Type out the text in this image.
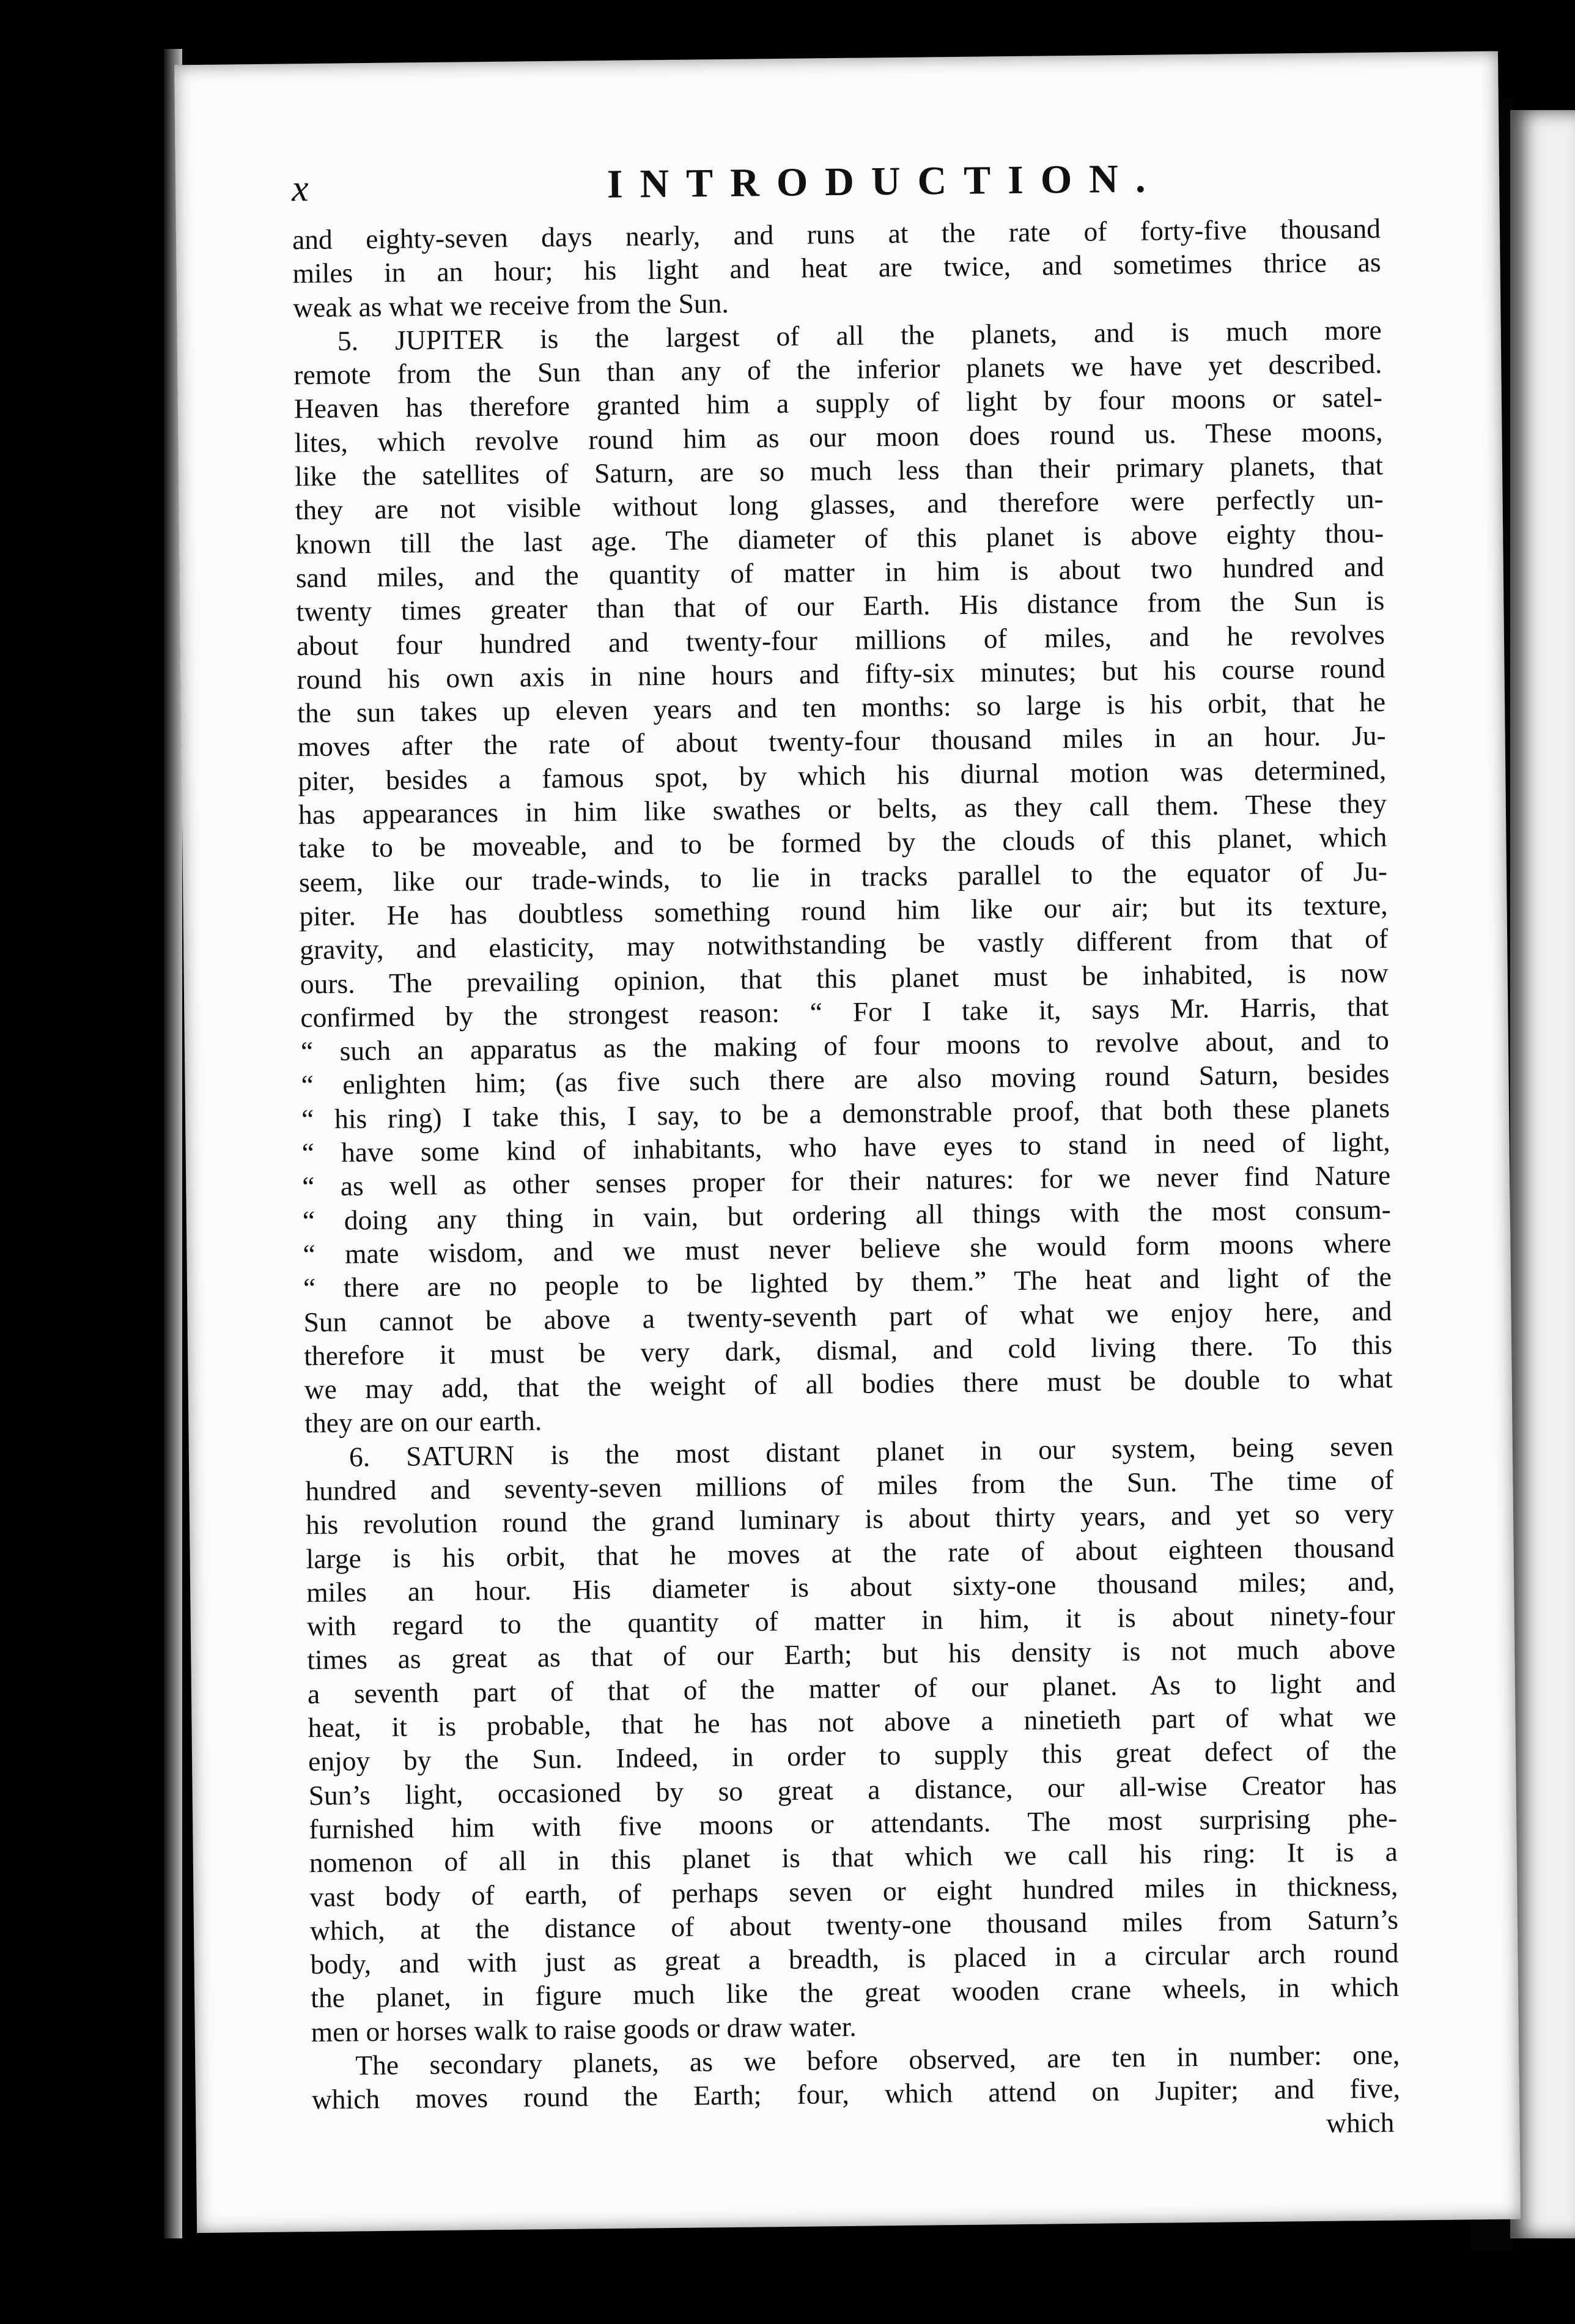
x	INTRODUCTION.
and eighty-seven days nearly, and runs at the rate of forty-five thousand
miles in an hour; his light and heat are twice, and sometimes thrice as
weak as what we receive from the Sun.
5. JUPITER is the largest of all the planets, and is much more
remote from the Sun than any of the inferior planets we have yet described.
Heaven has therefore granted him a supply of light by four moons or satel-
lites, which revolve round him as our moon does round us. These moons,
like the satellites of Saturn, are so much less than their primary planets, that
they are not visible without long glasses, and therefore were perfectly un-
known till the last age. The diameter of this planet is above eighty thou-
sand miles, and the quantity of matter in him is about two hundred and
twenty times greater than that of our Earth. His distance from the Sun is
about four hundred and twenty-four millions of miles, and he revolves
round his own axis in nine hours and fifty-six minutes; but his course round
the sun takes up eleven years and ten months: so large is his orbit, that he
moves after the rate of about twenty-four thousand miles in an hour. Ju-
piter, besides a famous spot, by which his diurnal motion was determined,
has appearances in him like swathes or belts, as they call them. These they
take to be moveable, and to be formed by the clouds of this planet, which
seem, like our trade-winds, to lie in tracks parallel to the equator of Ju-
piter. He has doubtless something round him like our air; but its texture,
gravity, and elasticity, may notwithstanding be vastly different from that of
ours. The prevailing opinion, that this planet must be inhabited, is now
confirmed by the strongest reason: “ For I take it, says Mr. Harris, that
“ such an apparatus as the making of four moons to revolve about, and to
“ enlighten him; (as five such there are also moving round Saturn, besides
“ his ring) I take this, I say, to be a demonstrable proof, that both these planets
“ have some kind of inhabitants, who have eyes to stand in need of light,
“ as well as other senses proper for their natures: for we never find Nature
“ doing any thing in vain, but ordering all things with the most consum-
“ mate wisdom, and we must never believe she would form moons where
“ there are no people to be lighted by them.” The heat and light of the
Sun cannot be above a twenty-seventh part of what we enjoy here, and
therefore it must be very dark, dismal, and cold living there. To this
we may add, that the weight of all bodies there must be double to what
they are on our earth.
6. SATURN is the most distant planet in our system, being seven
hundred and seventy-seven millions of miles from the Sun. The time of
his revolution round the grand luminary is about thirty years, and yet so very
large is his orbit, that he moves at the rate of about eighteen thousand
miles an hour. His diameter is about sixty-one thousand miles; and,
with regard to the quantity of matter in him, it is about ninety-four
times as great as that of our Earth; but his density is not much above
a seventh part of that of the matter of our planet. As to light and
heat, it is probable, that he has not above a ninetieth part of what we
enjoy by the Sun. Indeed, in order to supply this great defect of the
Sun’s light, occasioned by so great a distance, our all-wise Creator has
furnished him with five moons or attendants. The most surprising phe-
nomenon of all in this planet is that which we call his ring: It is a
vast body of earth, of perhaps seven or eight hundred miles in thickness,
which, at the distance of about twenty-one thousand miles from Saturn’s
body, and with just as great a breadth, is placed in a circular arch round
the planet, in figure much like the great wooden crane wheels, in which
men or horses walk to raise goods or draw water.
The secondary planets, as we before observed, are ten in number: one,
which moves round the Earth; four, which attend on Jupiter; and five,
which
